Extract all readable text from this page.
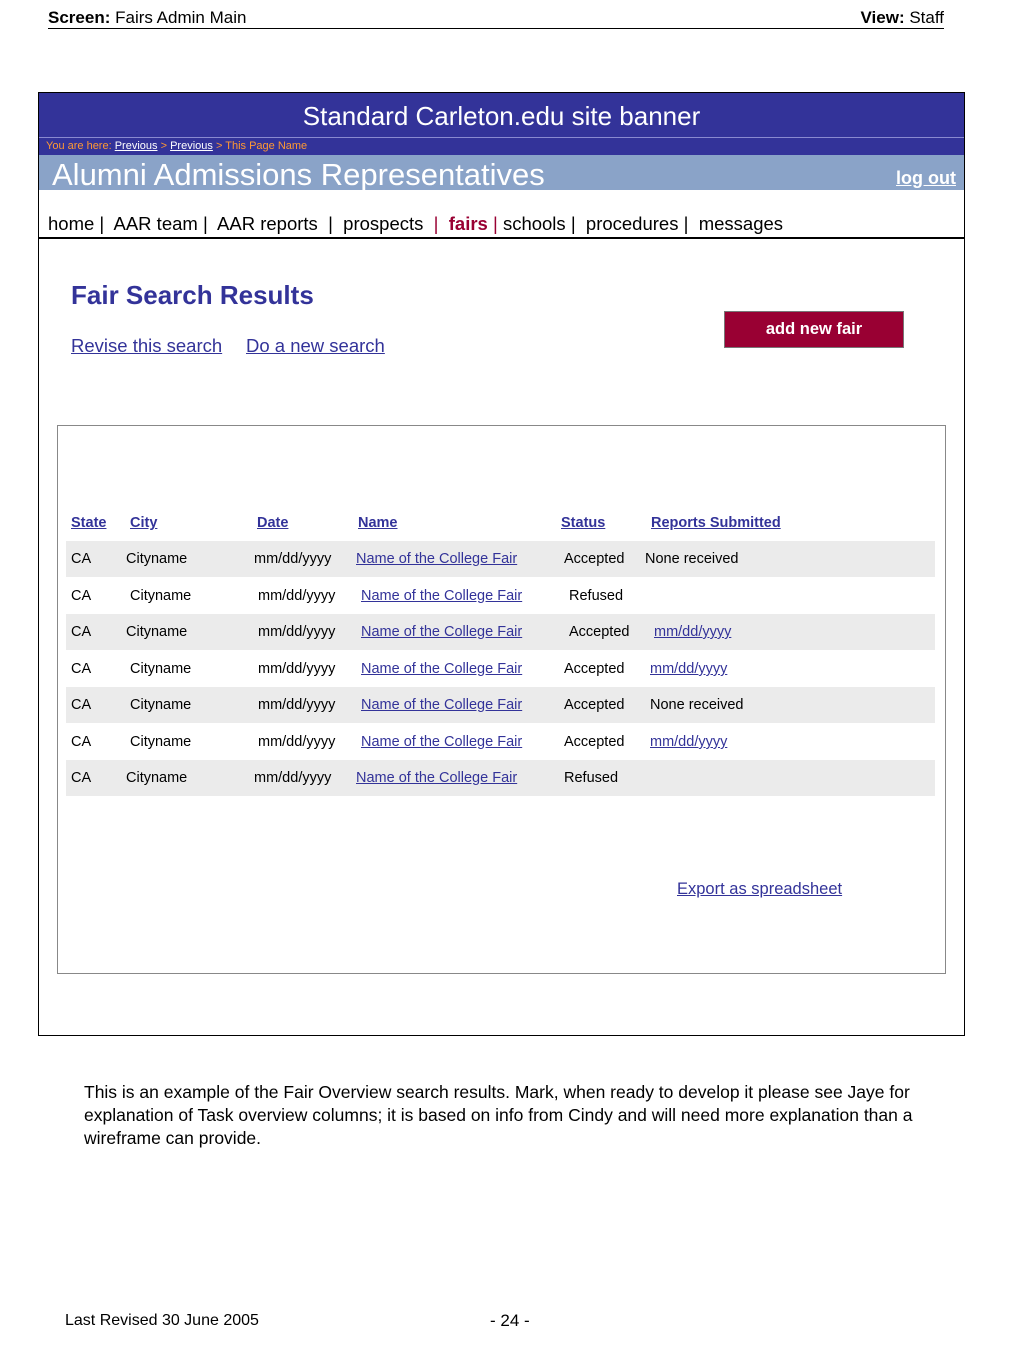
Screen: Fairs Admin Main	View: Staff
Standard Carleton.edu site banner
You are here: Previous > Previous > This Page Name
Alumni Admissions Representatives	log out
home | AAR team | AAR reports | prospects | fairs | schools | procedures | messages
Fair Search Results
Revise this search Do a new search
add new fair
State City	Date	Name	Status	Reports Submitted
CA Cityname	mm/dd/yyyy Name of the College Fair	Accepted None received
CA	Cityname	mm/dd/yyyy Name of the College Fair	Refused
CA Cityname	mm/dd/yyyy Name of the College Fair	Accepted mm/dd/yyyy
CA	Cityname	mm/dd/yyyy Name of the College Fair	Accepted mm/dd/yyyy
CA	Cityname	mm/dd/yyyy Name of the College Fair	Accepted None received
CA	Cityname	mm/dd/yyyy Name of the College Fair	Accepted mm/dd/yyyy
CA Cityname	mm/dd/yyyy Name of the College Fair	Refused
Export as spreadsheet
This is an example of the Fair Overview search results. Mark, when ready to develop it please see Jaye for explanation of Task overview columns; it is based on info from Cindy and will need more explanation than a wireframe can provide.
Last Revised 30 June 2005	- 24 -
